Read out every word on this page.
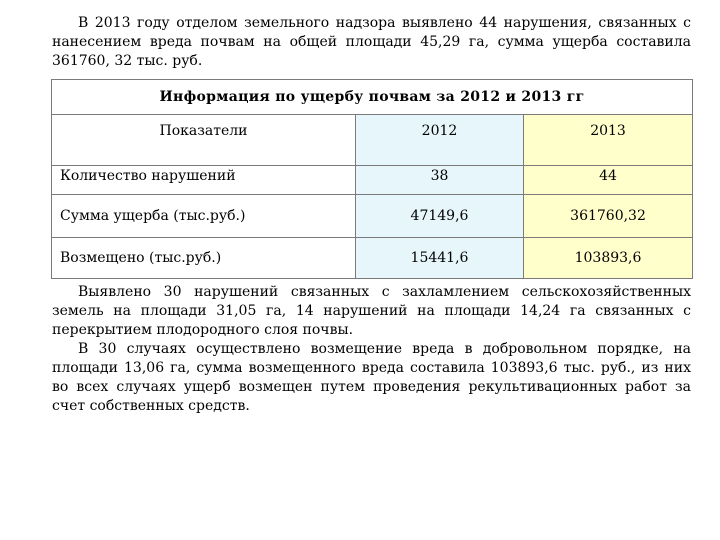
В 2013 году отделом земельного надзора выявлено 44 нарушения, связанных с нанесением вреда почвам на общей площади 45,29 га, сумма ущерба составила 361760, 32 тыс. руб.

Информация по ущербу почвам за 2012 и 2013 гг		
Показатели	2012	2013
Количество нарушений	38	44
Сумма ущерба (тыс.руб.)	47149,6	361760,32
Возмещено (тыс.руб.)	15441,6	103893,6

Выявлено 30 нарушений связанных с захламлением сельскохозяйственных земель на площади 31,05 га, 14 нарушений на площади 14,24 га связанных с перекрытием плодородного слоя почвы.

В 30 случаях осуществлено возмещение вреда в добровольном порядке, на площади 13,06 га, сумма возмещенного вреда составила 103893,6 тыс. руб., из них во всех случаях ущерб возмещен путем проведения рекультивационных работ за счет собственных средств.
